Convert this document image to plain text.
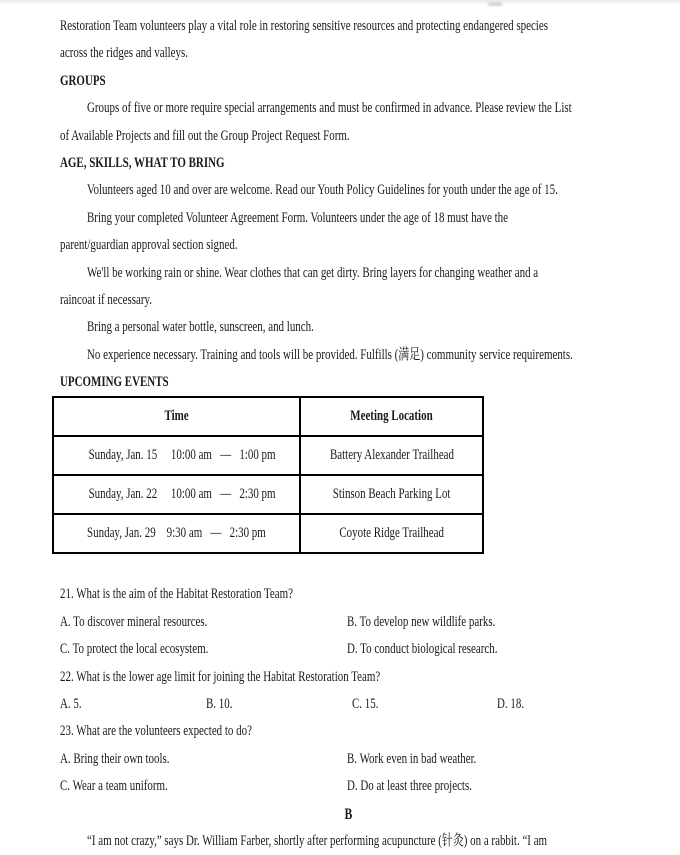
Restoration Team volunteers play a vital role in restoring sensitive resources and protecting endangered species
across the ridges and valleys.
GROUPS
Groups of five or more require special arrangements and must be confirmed in advance. Please review the List
of Available Projects and fill out the Group Project Request Form.
AGE, SKILLS, WHAT TO BRING
Volunteers aged 10 and over are welcome. Read our Youth Policy Guidelines for youth under the age of 15.
Bring your completed Volunteer Agreement Form. Volunteers under the age of 18 must have the
parent/guardian approval section signed.
We'll be working rain or shine. Wear clothes that can get dirty. Bring layers for changing weather and a
raincoat if necessary.
Bring a personal water bottle, sunscreen, and lunch.
No experience necessary. Training and tools will be provided. Fulfills (满足) community service requirements.
UPCOMING EVENTS
Time	Meeting Location
Sunday, Jan. 15     10:00 am   —   1:00 pm	Battery Alexander Trailhead
Sunday, Jan. 22     10:00 am   —   2:30 pm	Stinson Beach Parking Lot
Sunday, Jan. 29    9:30 am   —   2:30 pm	Coyote Ridge Trailhead
21. What is the aim of the Habitat Restoration Team?
A. To discover mineral resources.	B. To develop new wildlife parks.
C. To protect the local ecosystem.	D. To conduct biological research.
22. What is the lower age limit for joining the Habitat Restoration Team?
A. 5.	B. 10.	C. 15.	D. 18.
23. What are the volunteers expected to do?
A. Bring their own tools.	B. Work even in bad weather.
C. Wear a team uniform.	D. Do at least three projects.
B
“I am not crazy,” says Dr. William Farber, shortly after performing acupuncture (针灸) on a rabbit. “I am
